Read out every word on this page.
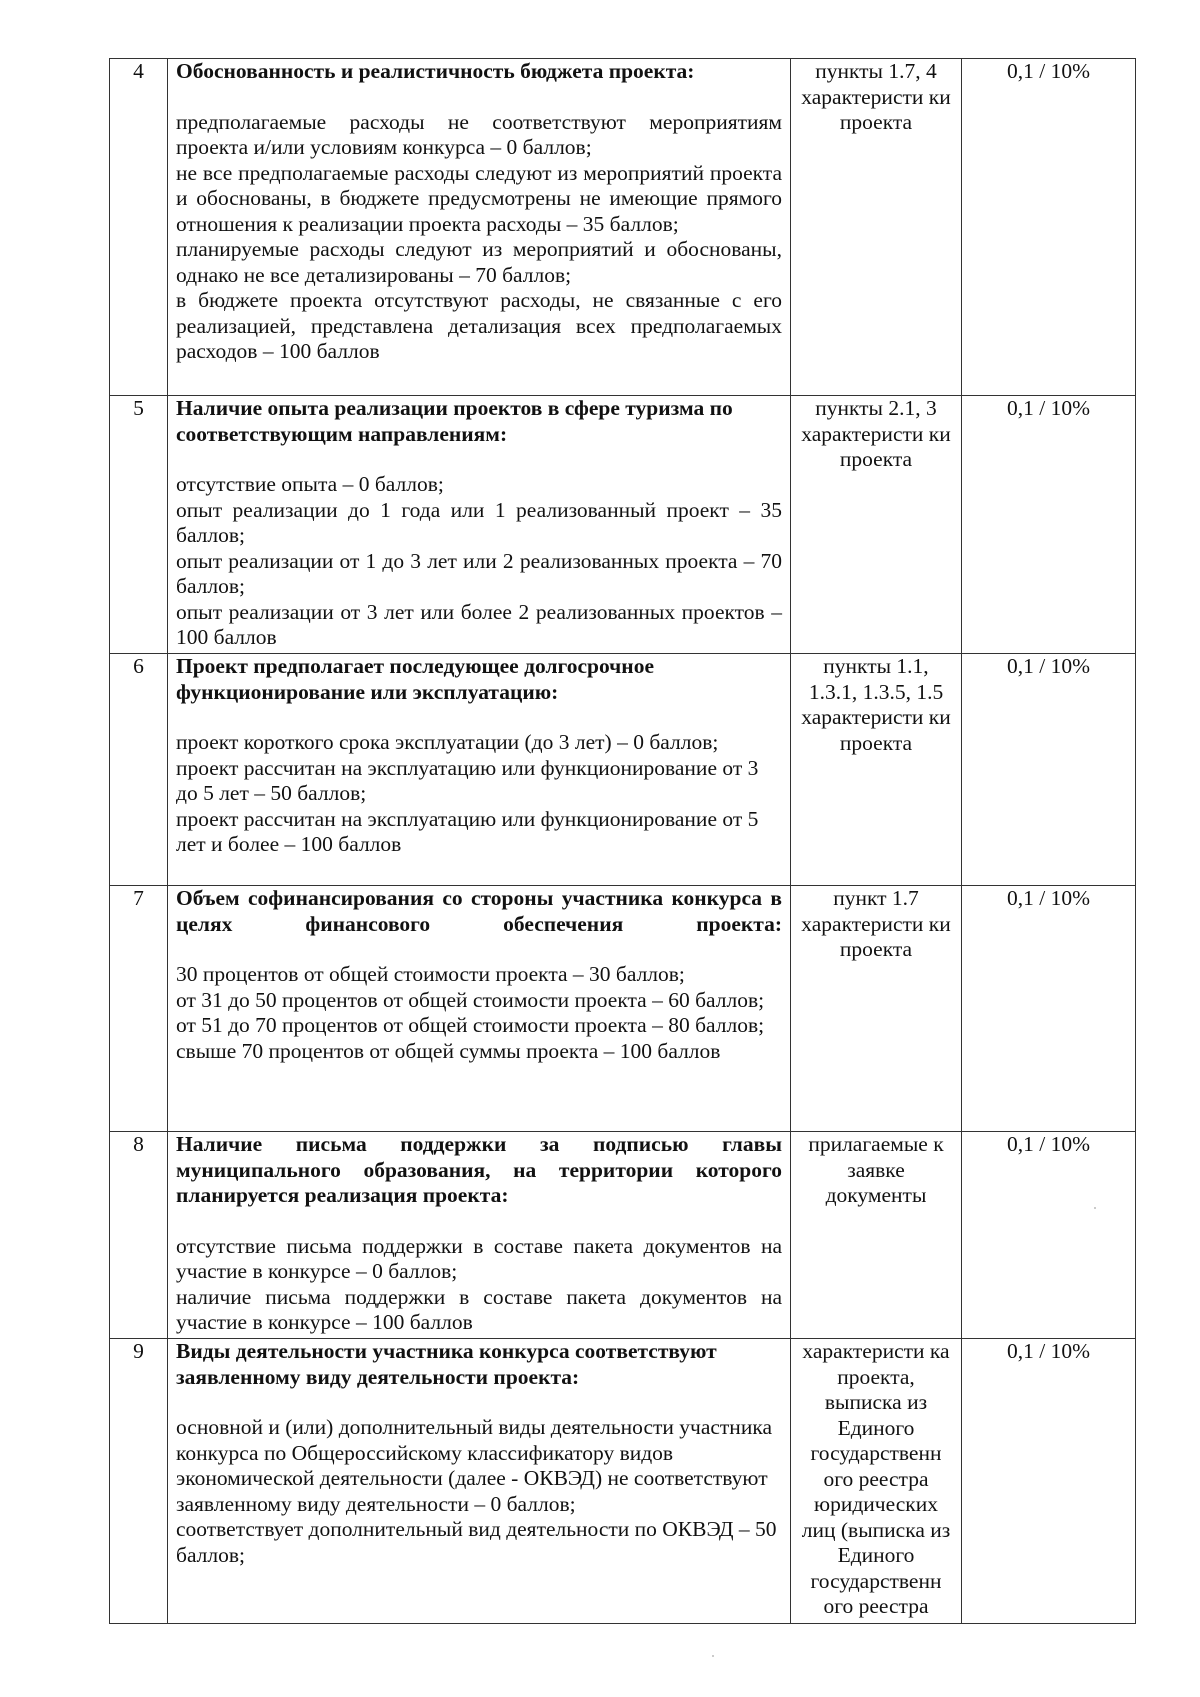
4	Обоснованность и реалистичность бюджета проекта:
предполагаемые расходы не соответствуют мероприятиям проекта и/или условиям конкурса – 0 баллов;
не все предполагаемые расходы следуют из мероприятий проекта и обоснованы, в бюджете предусмотрены не имеющие прямого отношения к реализации проекта расходы – 35 баллов;
планируемые расходы следуют из мероприятий и обоснованы, однако не все детализированы – 70 баллов;
в бюджете проекта отсутствуют расходы, не связанные с его реализацией, представлена детализация всех предполагаемых расходов – 100 баллов	пункты 1.7, 4 характеристи ки проекта	0,1 / 10%
5	Наличие опыта реализации проектов в сфере туризма по соответствующим направлениям:
отсутствие опыта – 0 баллов;
опыт реализации до 1 года или 1 реализованный проект – 35 баллов;
опыт реализации от 1 до 3 лет или 2 реализованных проекта – 70 баллов;
опыт реализации от 3 лет или более 2 реализованных проектов – 100 баллов	пункты 2.1, 3 характеристи ки проекта	0,1 / 10%
6	Проект предполагает последующее долгосрочное функционирование или эксплуатацию:
проект короткого срока эксплуатации (до 3 лет) – 0 баллов;
проект рассчитан на эксплуатацию или функционирование от 3 до 5 лет – 50 баллов;
проект рассчитан на эксплуатацию или функционирование от 5 лет и более – 100 баллов	пункты 1.1, 1.3.1, 1.3.5, 1.5 характеристи ки проекта	0,1 / 10%
7	Объем софинансирования со стороны участника конкурса в целях финансового обеспечения проекта:
30 процентов от общей стоимости проекта – 30 баллов;
от 31 до 50 процентов от общей стоимости проекта – 60 баллов;
от 51 до 70 процентов от общей стоимости проекта – 80 баллов;
свыше 70 процентов от общей суммы проекта – 100 баллов	пункт 1.7 характеристи ки проекта	0,1 / 10%
8	Наличие письма поддержки за подписью главы муниципального образования, на территории которого планируется реализация проекта:
отсутствие письма поддержки в составе пакета документов на участие в конкурсе – 0 баллов;
наличие письма поддержки в составе пакета документов на участие в конкурсе – 100 баллов	прилагаемые к заявке документы	0,1 / 10%
9	Виды деятельности участника конкурса соответствуют заявленному виду деятельности проекта:
основной и (или) дополнительный виды деятельности участника конкурса по Общероссийскому классификатору видов экономической деятельности (далее - ОКВЭД) не соответствуют заявленному виду деятельности – 0 баллов;
соответствует дополнительный вид деятельности по ОКВЭД – 50 баллов;	характеристи ка проекта, выписка из Единого государственн ого реестра юридических лиц (выписка из Единого государственн ого реестра	0,1 / 10%
